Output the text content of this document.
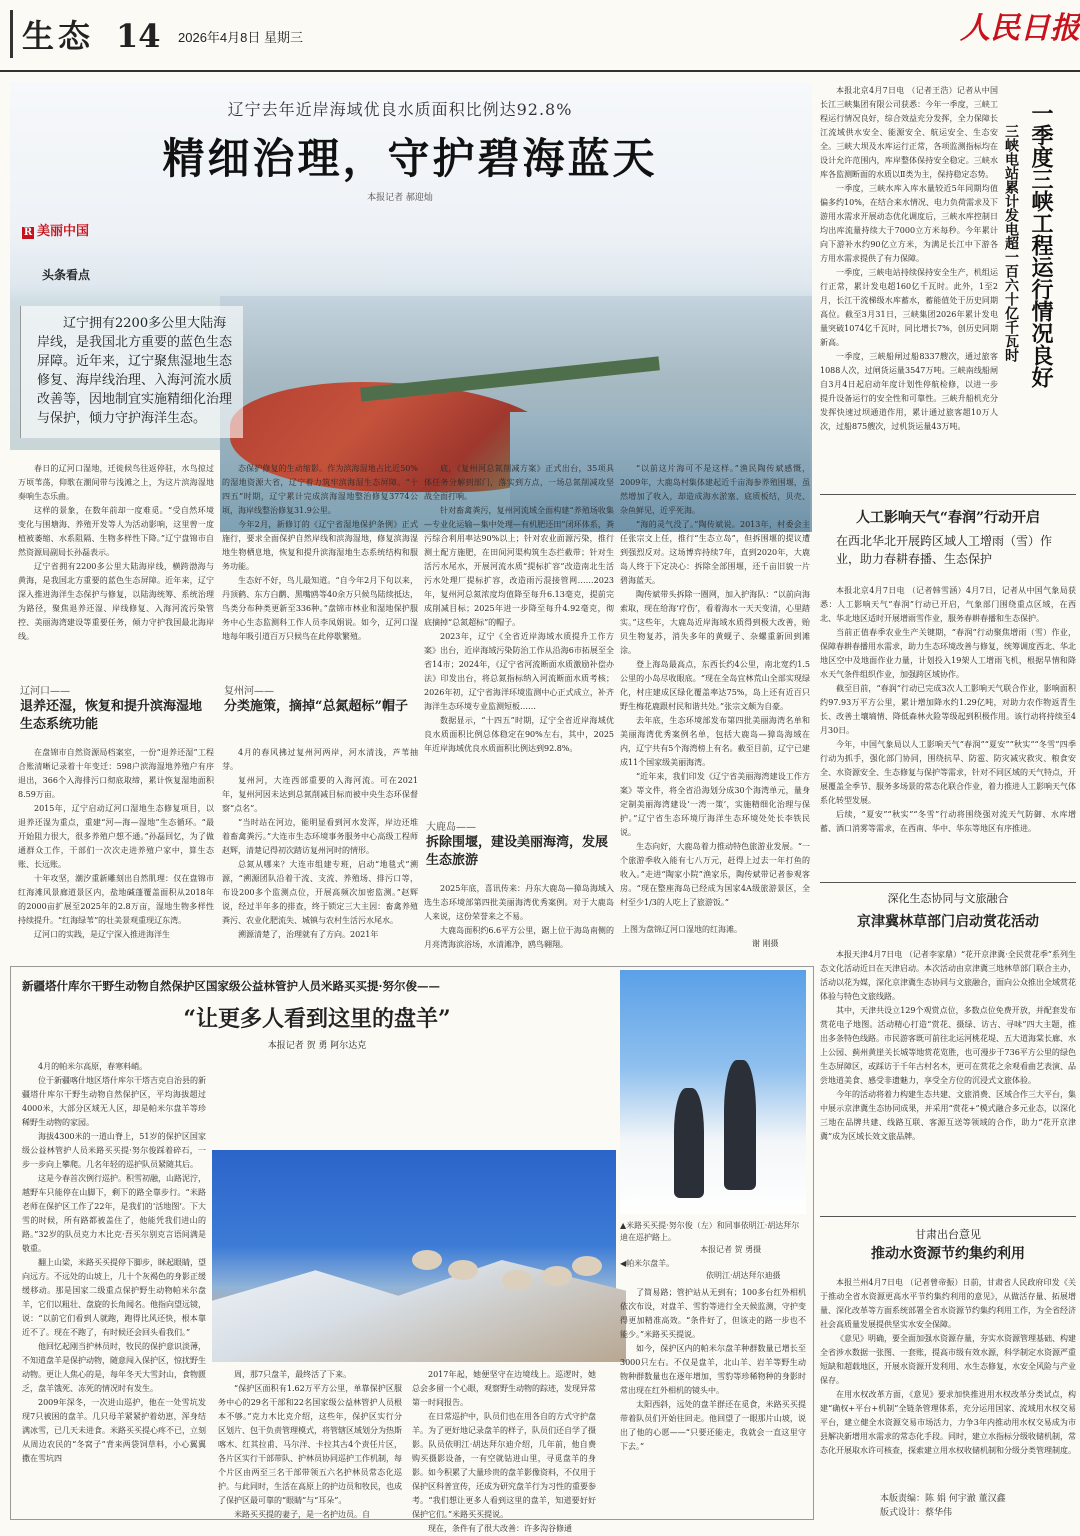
生态 14 2026年4月8日 星期三	人民日报
辽宁去年近岸海域优良水质面积比例达92.8%
精细治理，守护碧海蓝天
本报记者 郝迎灿
R 美丽中国
头条看点
辽宁拥有2200多公里大陆海岸线，是我国北方重要的蓝色生态屏障。近年来，辽宁聚焦湿地生态修复、海岸线治理、入海河流水质改善等，因地制宜实施精细化治理与保护，倾力守护海洋生态。

春日的辽河口湿地，迁徙候鸟往返停驻，水鸟掠过万顷苇荡，仰歌在潮间带与浅滩之上，为这片滨海湿地奏响生态乐曲。

这样的景象，在数年前却一度难觅。“受自然环境变化与围塘海、养殖开发等人为活动影响，这里曾一度植被萎缩、水系阻隔、生物多样性下降。”辽宁盘锦市自然资源局副局长孙磊表示。

辽宁省拥有2200多公里大陆海岸线，横跨渤海与黄海，是我国北方重要的蓝色生态屏障。近年来，辽宁深入推进海洋生态保护与修复，以陆海统筹、系统治理为路径，聚焦退养还湿、岸线修复、入海河流污染管控、美丽海湾建设等重要任务，倾力守护我国最北海岸线。

辽河口——
退养还湿，恢复和提升滨海湿地生态系统功能

在盘锦市自然资源局档案室，一份“退养还湿”工程合账清晰记录着十年变迁：598户滨海湿地养殖户有序退出，366个入海排污口彻底取缔，累计恢复湿地面积8.59万亩。

2015年，辽宁启动辽河口湿地生态修复项目，以退养还湿为重点，重建“河—海—湿地”生态循环。“最开始阻力很大，很多养殖户想不通。”孙磊回忆，为了做通群众工作，干部们一次次走进养殖户家中，算生态账、长远账。

十年攻坚，潮汐重新雕刻出自然肌理：仅在盘锦市红海滩风景廊道景区内，盐地碱蓬覆盖面积从2018年的2000亩扩展至2025年的2.8万亩，湿地生物多样性持续提升。“红海绿苇”的壮美景观重现辽东湾。

辽河口的实践，是辽宁深入推进海洋生

态保护修复的生动缩影。作为滨海湿地占比近50%的湿地资源大省，辽宁着力筑牢滨海湿生态屏障。“十四五”时期，辽宁累计完成滨海湿地整治修复3774公顷，海岸线整治修复31.9公里。

今年2月，新修订的《辽宁省湿地保护条例》正式施行，要求全面保护自然岸线和滨海湿地，修复滨海湿地生物栖息地，恢复和提升滨海湿地生态系统结构和服务功能。

生态好不好，鸟儿最知道。“自今年2月下旬以来，丹顶鹤、东方白鹳、黑嘴鸥等40余万只候鸟陆续抵达，鸟类分布种类更新至336种。”盘锦市林业和湿地保护服务中心生态监测科工作人员李凤娟说。如今，辽河口湿地每年吸引道百万只候鸟在此停歇繁殖。

复州河——
分类施策，摘掉“总氮超标”帽子

4月的春风拂过复州河两岸，河水清浅，芦苇抽芽。

复州河，大连西部重要的入海河流。可在2021年，复州河因未达到总氮削减目标而被中央生态环保督察“点名”。

“当时站在河边，能明显看到河水发浑，岸边还堆着畜禽粪污。”大连市生态环境事务服务中心高级工程师赵辉，清楚记得初次踏访复州河时的情形。

总氮从哪来？大连市组建专班，启动“地毯式”溯源，“溯源团队沿着干流、支流、养殖场、排污口等，布设200多个监测点位，开展高频次加密监测。”赵辉说，经过半年多的排查，终于锁定三大主因：畜禽养殖粪污、农业化肥流失、城镇与农村生活污水尾水。

溯源清楚了，治理就有了方向。2021年

底，《复州河总氮削减方案》正式出台，35项具体任务分解到部门，落实到方点，一场总氮削减攻坚战全面打响。

针对畜禽粪污，复州河流域全面构建“养殖场收集—专业化运输—集中处理—有机肥还田”闭环体系，粪污综合利用率达90%以上；针对农业面源污染，推行测土配方施肥，在田间河渠构筑生态拦截带；针对生活污水尾水，开展河流水质“提标扩容”改造南北生活污水处理厂提标扩容，改造雨污混接管网……2023年，复州河总氮浓度均值降至每升6.13毫克，提前完成削减目标；2025年进一步降至每升4.92毫克，彻底摘掉“总氮超标”的帽子。

2023年，辽宁《全省近岸海域水质提升工作方案》出台，近岸海域污染防治工作从沿海6市拓展至全省14市；2024年，《辽宁省河流断面水质激励补偿办法》印发出台，将总氮指标纳入河流断面水质考核；2026年初，辽宁省海洋环境监测中心正式成立，补齐海洋生态环境专业监测短板……

数据显示，“十四五”时期，辽宁全省近岸海域优良水质面积比例总体稳定在90%左右，其中，2025年近岸海域优良水质面积比例达到92.8%。

大鹿岛——
拆除围堰，建设美丽海湾，发展生态旅游

2025年底，喜讯传来：丹东大鹿岛—獐岛海域入选生态环境部第四批美丽海湾优秀案例。对于大鹿岛人来说，这份荣誉来之不易。

大鹿岛面积约6.6平方公里，踞上位于海岛南侧的月亮湾海滨浴场，水清滩净，鸥鸟翱翔。

“以前这片海可不是这样。”渔民陶传斌感慨，2009年，大鹿岛村集体建起近千亩海参养殖围堰，虽然增加了收入，却造成海水淤塞、底质板结，贝壳、杂鱼鲜见，近乎死海。

“海的灵气没了。”陶传斌说。2013年，村委会主任张宗文上任，推行“生态立岛”，但拆围堰的提议遭到强烈反对。这场博弈持续7年，直到2020年，大鹿岛人终于下定决心：拆除全部围堰，还千亩旧貌一片碧海蓝天。

陶传斌带头拆除一圈网，加入护海队：“以前向海索取，现在给海‘疗伤’，看着海水一天天变清，心里踏实。”这些年，大鹿岛近岸海域水质得到极大改善，贻贝生物复苏，消失多年的黄蚬子、杂螺重新回到滩涂。

登上海岛最高点，东西长约4公里，南北宽约1.5公里的小岛尽收眼底。“现在全岛宜林荒山全部实现绿化，村庄建成区绿化覆盖率达75%，岛上还有近百只野生梅花鹿跟村民和谐共处。”张宗文颇为自豪。

去年底，生态环境部发布第四批美丽海湾名单和美丽海湾优秀案例名单，包括大鹿岛—獐岛海域在内，辽宁共有5个海湾榜上有名。截至目前，辽宁已建成11个国家级美丽海湾。

“近年来，我们印发《辽宁省美丽海湾建设工作方案》等文件，将全省沿海划分成30个海湾单元，量身定制美丽海湾建设‘一湾一策’，实施精细化治理与保护。”辽宁省生态环境厅海洋生态环境处处长李铁民说。

生态向好，大鹿岛着力推动特色旅游业发展。“一个旅游季收入能有七八万元，赶得上过去一年打鱼的收入。”走进“陶家小院”渔家乐，陶传斌带记者参观客房。“现在整座海岛已经成为国家4A级旅游景区，全村至少1/3的人吃上了旅游饭。”

上图为盘锦辽河口湿地的红海滩。
谢 刚摄
一季度三峡工程运行情况良好
三峡电站累计发电超一百六十亿千瓦时

本报北京4月7日电 （记者王浩）记者从中国长江三峡集团有限公司获悉：今年一季度，三峡工程运行情况良好，综合效益充分发挥，全力保障长江流域供水安全、能源安全、航运安全、生态安全。三峡大坝及水库运行正常，各项监测指标均在设计允许范围内，库岸整体保持安全稳定。三峡水库各监测断面的水质以Ⅱ类为主，保持稳定态势。

一季度，三峡水库入库水量较近5年同期均值偏多约10%，在结合来水情况、电力负荷需求及下游用水需求开展动态优化调度后，三峡水库控制日均出库流量持续大于7000立方米每秒。今年累计向下游补水约90亿立方米，为满足长江中下游各方用水需求提供了有力保障。

一季度，三峡电站持续保持安全生产，机组运行正常，累计发电超160亿千瓦时。此外，1至2月，长江干流梯级水库蓄水，蓄能值处于历史同期高位。截至3月31日，三峡集团2026年累计发电量突破1074亿千瓦时，同比增长7%，创历史同期新高。

一季度，三峡船闸过船8337艘次，通过旅客1088人次，过闸货运量3547万吨。三峡南线船闸自3月4日起启动年度计划性停航检修，以进一步提升设备运行的安全性和可靠性。三峡升船机充分发挥快速过坝通道作用，累计通过旅客超10万人次，过船875艘次，过机货运量43万吨。

人工影响天气“春润”行动开启
在西北华北开展跨区域人工增雨（雪）作业，助力春耕春播、生态保护

本报北京4月7日电 （记者韩雪涵）4月7日，记者从中国气象局获悉：人工影响天气“春润”行动已开启，气象部门围绕重点区域，在西北、华北地区适时开展增雨雪作业，服务春耕春播和生态保护。

当前正值春季农业生产关键期，“春润”行动聚焦增雨（雪）作业，保障春耕春播用水需求，助力生态环境改善与修复，统筹调度西北、华北地区空中及地面作业力量，计划投入19架人工增雨飞机，根据旱情和降水天气条件组织作业，加强跨区域协作。

截至目前，“春润”行动已完成3次人工影响天气联合作业，影响面积约97.93万平方公里，累计增加降水约1.29亿吨，对助力农作物返青生长、改善土壤墒情、降低森林火险等级起到积极作用。该行动将持续至4月30日。

今年，中国气象局以人工影响天气“春润”“夏安”“秋实”“冬雪”四季行动为抓手，强化部门协同，围绕抗旱、防雹、防灾减灾救灾、粮食安全、水资源安全、生态修复与保护等需求，针对不同区域的天气特点，开展覆盖全季节、服务多场景的常态化联合作业，着力推进人工影响天气体系化转型发展。

后续，“夏安”“秋实”“冬雪”行动将围绕强对流天气防御、水库增蓄、酒口消雾等需求，在西南、华中、华东等地区有序推进。

深化生态协同与文旅融合
京津冀林草部门启动赏花活动

本报天津4月7日电 （记者李家鼎）“花开京津冀·全民赏花季”系列生态文化活动近日在天津启动。本次活动由京津冀三地林草部门联合主办，活动以花为媒，深化京津冀生态协同与文旅融合，面向公众推出全域赏花体验与特色文旅线路。

其中，天津共设立129个观赏点位，多数点位免费开放，并配套发布赏花电子地图。活动精心打造“赏花、摄绿、访古、寻味”四大主题，推出多条特色线路。市民游客既可前往北运河桃花堤、五大道海棠长廊、水上公园、蓟州黄崖关长城等地赏花览胜，也可漫步于736平方公里的绿色生态屏障区，或踩访于千年古村名木，更可在赏花之余观看曲艺表演、品尝地道美食、感受非遗魅力，享受全方位的沉浸式文旅体验。

今年的活动将着力构建生态共建、文旅消费、区域合作三大平台，集中展示京津冀生态协同成果，并采用“赏花+”模式融合多元业态，以深化三地在品牌共建、线路互联、客源互送等领域的合作，助力“花开京津冀”成为区域长效文旅品牌。

甘肃出台意见
推动水资源节约集约利用

本报兰州4月7日电 （记者曾帝振）日前，甘肃省人民政府印发《关于推动全省水资源更高水平节约集约利用的意见》，从做活存量、拓展增量、深化改革等方面系统部署全省水资源节约集约利用工作，为全省经济社会高质量发展提供坚实水安全保障。

《意见》明确，要全面加强水资源存量，夯实水资源管理基础、构建全省涉水数据一张图、一套账，提高市级有效水源，科学制定水资源严重短缺和超载地区，开展水资源开发利用、水生态修复，水安全风险与产业保存。

在用水权改革方面，《意见》要求加快推进用水权改革分类试点，构建“确权+平台+机制”全链条管理体系，充分运用国家、流域用水权交易平台，建立健全水资源交易市场活力，力争3年内推动用水权交易成为市县解决新增用水需求的常态化手段。同时，建立水指标分级收储机制，常态化开展取水许可核查，探索建立用水权收储机制和分级分类管理制度。

本版责编：陈 娟 何宇澈 董汉鑫
版式设计：蔡华伟
新疆塔什库尔干野生动物自然保护区国家级公益林管护人员米路买买提·努尔俊——
“让更多人看到这里的盘羊”
本报记者 贺 勇 阿尔达克
▲米路买买提·努尔俊（左）和同事依明江·胡达拜尔迪在巡护路上。
本报记者 贺 勇摄
◀帕米尔盘羊。
依明江·胡达拜尔迪摄

4月的帕米尔高原，春寒料峭。

位于新疆喀什地区塔什库尔干塔吉克自治县的新疆塔什库尔干野生动物自然保护区，平均海拔超过4000米，大部分区域无人区，却是帕米尔盘羊等珍稀野生动物的家园。

海拔4300米的一道山脊上，51岁的保护区国家级公益林管护人员米路买买提·努尔俊踩着碎石，一步一步向上攀爬。几名年轻的巡护队员紧随其后。

这是今春首次例行巡护。积雪初融，山路泥泞，越野车只能停在山脚下，剩下的路全靠步行。“米路老师在保护区工作了22年，是我们的‘活地图’。下大雪的时候，所有路都被盖住了，他能凭我们进山的路。”32岁的队员克力木比克·吾买尔别克言语间满是敬重。

翻上山梁，米路买买提停下脚步，眯起眼睛，望向远方。不远处的山坡上，几十个灰褐色的身影正缓缓移动。那是国家二级重点保护野生动物帕米尔盘羊，它们以粗壮、盘旋的长角闻名。他指向望远镜，说：“以前它们看到人就跑，跑得比风还快，根本靠近不了。现在不跑了，有时候还会回头看我们。”

他回忆起刚当护林员时，牧民的保护意识淡薄，不知道盘羊是保护动物，随意闯入保护区，惊扰野生动物。更让人焦心的是，每年冬天大雪封山，食物匮乏，盘羊饿死、冻死的情况时有发生。

2009年深冬，一次进山巡护，他在一处雪坑发现7只被困的盘羊。几只母羊紧紧护着幼崽，浑身结满冰雪，已几天未进食。米路买买提心疼不已，立刻从周边农民的“冬窝子”背来两袋饲草料，小心翼翼撒在雪坑四

周，那7只盘羊，最终活了下来。

“保护区面积有1.62万平方公里，单靠保护区服务中心的29名干部和22名国家级公益林管护人员根本不够。”克力木比克介绍，这些年，保护区实行分区划片、包干负责管理模式，将管辖区域划分为热斯喀木、红其拉甫、马尔洋、卡拉其古4个责任片区，各片区实行干部带队、护林员协同巡护工作机制，每个片区由两至三名干部带领五六名护林员常态化巡护。与此同时，生活在高原上的护边员和牧民，也成了保护区最可靠的“眼睛”与“耳朵”。

米路买买提的妻子，是一名护边员。自

2017年起，她便坚守在边境线上。巡逻时，她总会多留一个心眼，观察野生动物的踪迹，发现异常第一时间报告。

在日常巡护中，队员们也在用各自的方式守护盘羊。为了更好地记录盘羊的样子，队员们还自学了摄影。队员依明江·胡达拜尔迪介绍，几年前，他自费购买摄影设备，一有空就钻进山里，寻觅盘羊的身影。如今积累了大量珍贵的盘羊影像资料，不仅用于保护区科普宣传，还成为研究盘羊行为习性的重要参考。“我们想让更多人看到这里的盘羊，知道要好好保护它们。”米路买买提说。

现在，条件有了很大改善：许多沟谷修通

了简易路；管护站从无到有；100多台红外相机依次布设，对盘羊、雪豹等进行全天候监测，守护变得更加精准高效。“条件好了，但该走的路一步也不能少。”米路买买提说。

如今，保护区内的帕米尔盘羊种群数量已增长至3000只左右。不仅是盘羊，北山羊、岩羊等野生动物种群数量也在逐年增加，雪豹等珍稀物种的身影时常出现在红外相机的镜头中。

太阳西斜，远处的盘羊群还在觅食，米路买买提带着队员们开始往回走。他回望了一眼那片山坡，说出了他的心愿——“只要还能走，我就会一直这里守下去。”
